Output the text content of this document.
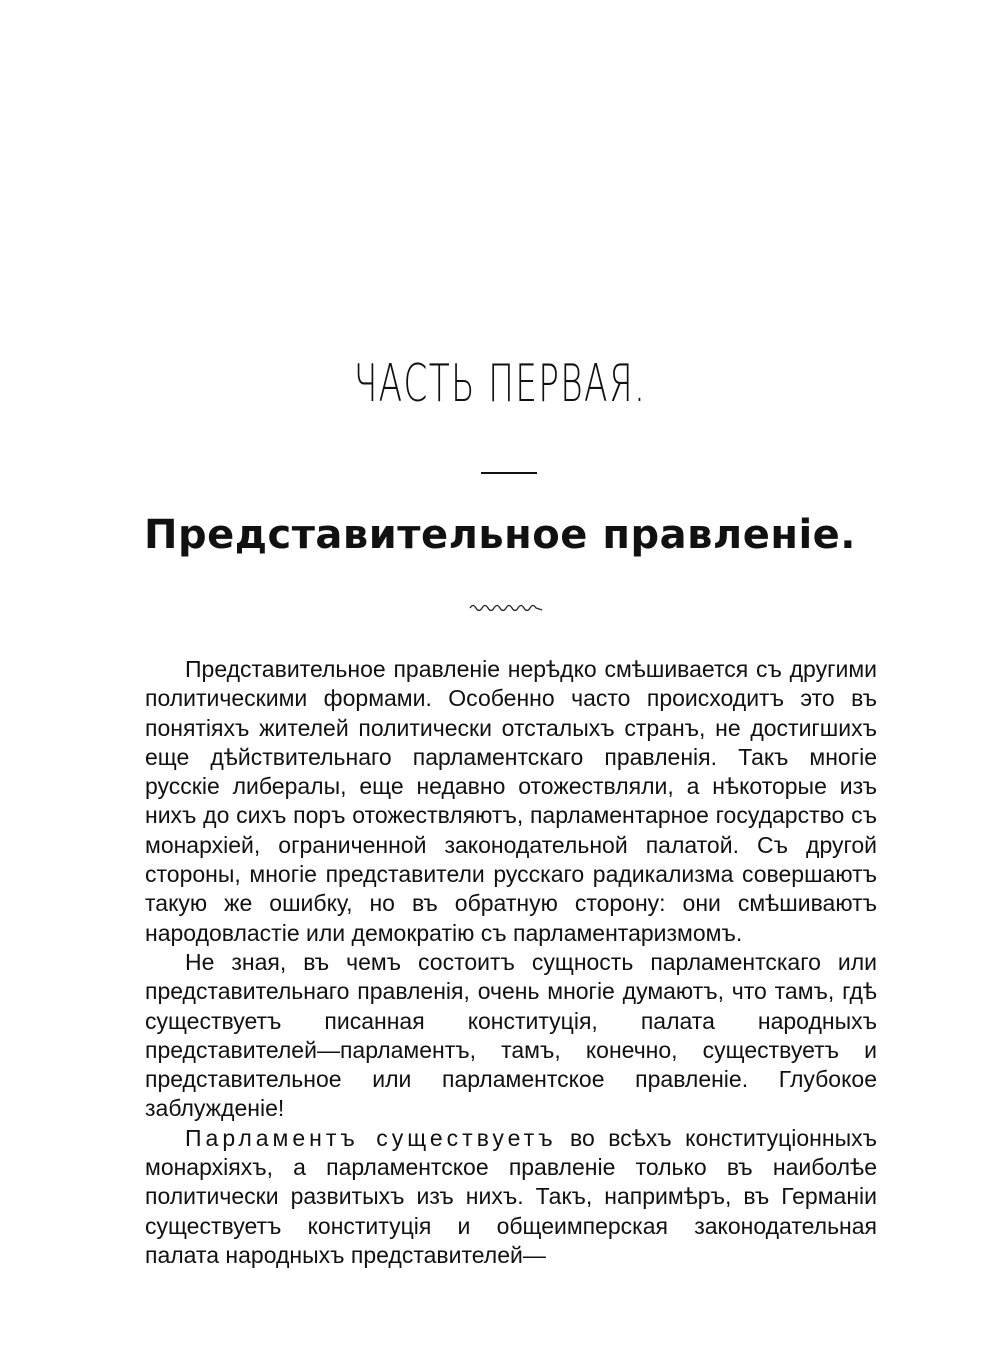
ЧАСТЬ ПЕРВАЯ.
Представительное правленіе.

Представительное правленіе нерѣдко смѣшивается съ другими политическими формами. Особенно часто происходитъ это въ понятіяхъ жителей политически отсталыхъ странъ, не достигшихъ еще дѣйствительнаго парламентскаго правленія. Такъ многіе русскіе либералы, еще недавно отожествляли, а нѣкоторые изъ нихъ до сихъ поръ отожествляютъ, парламентарное государство съ монархіей, ограниченной законодательной палатой. Съ другой стороны, многіе представители русскаго радикализма совершаютъ такую же ошибку, но въ обратную сторону: они смѣшиваютъ народовластіе или демократію съ парламентаризмомъ.

Не зная, въ чемъ состоитъ сущность парламентскаго или представительнаго правленія, очень многіе думаютъ, что тамъ, гдѣ существуетъ писанная конституція, палата народныхъ представителей—парламентъ, тамъ, конечно, существуетъ и представительное или парламентское правленіе. Глубокое заблужденіе!

Парламентъ существуетъ во всѣхъ конституціонныхъ монархіяхъ, а парламентское правленіе только въ наиболѣе политически развитыхъ изъ нихъ. Такъ, напримѣръ, въ Германіи существуетъ конституція и общеимперская законодательная палата народныхъ представителей—
